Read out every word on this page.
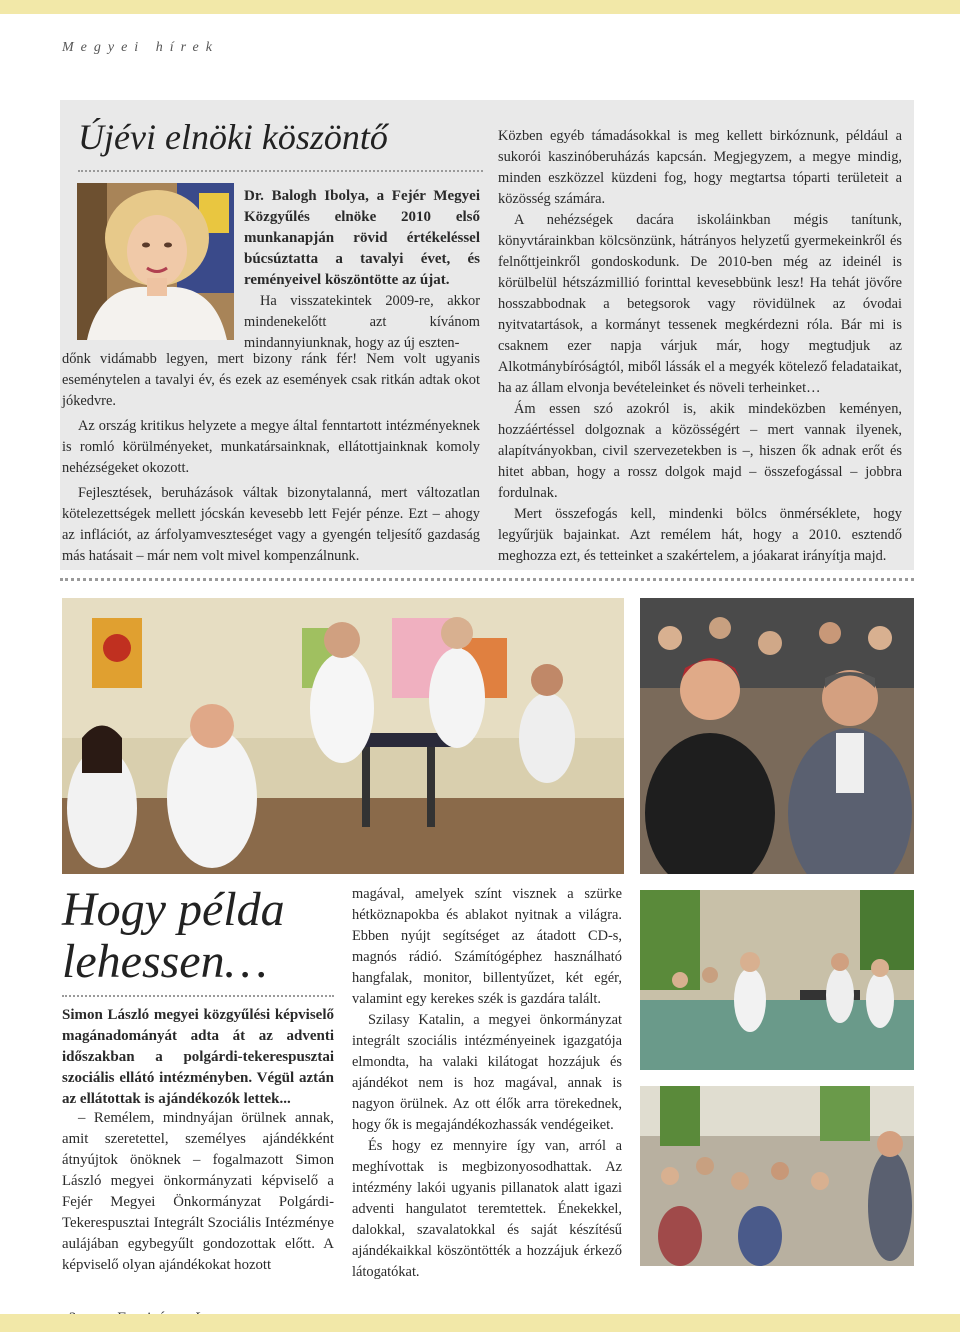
Megyei hírek
Újévi elnöki köszöntő
Dr. Balogh Ibolya, a Fejér Megyei Közgyűlés elnöke 2010 első munkanapján rövid értékeléssel búcsúztatta a tavalyi évet, és reményeivel köszöntötte az újat.

Ha visszatekintek 2009-re, akkor mindenekelőtt azt kívánom mindannyiunknak, hogy az új eszten-

dőnk vidámabb legyen, mert bizony ránk fér! Nem volt ugyanis eseménytelen a tavalyi év, és ezek az események csak ritkán adtak okot jókedvre.

Az ország kritikus helyzete a megye által fenntartott intézményeknek is romló körülményeket, munkatársainknak, ellátottjainknak komoly nehézségeket okozott.

Fejlesztések, beruházások váltak bizonytalanná, mert változatlan kötelezettségek mellett jócskán kevesebb lett Fejér pénze. Ezt – ahogy az inflációt, az árfolyamveszteséget vagy a gyengén teljesítő gazdaság más hatásait – már nem volt mivel kompenzálnunk.

Közben egyéb támadásokkal is meg kellett birkóznunk, például a sukorói kaszinóberuházás kapcsán. Megjegyzem, a megye mindig, minden eszközzel küzdeni fog, hogy megtartsa tóparti területeit a közösség számára.

A nehézségek dacára iskoláinkban mégis tanítunk, könyvtárainkban kölcsönzünk, hátrányos helyzetű gyermekeinkről és felnőttjeinkről gondoskodunk. De 2010-ben még az ideinél is körülbelül hétszázmillió forinttal kevesebbünk lesz! Ha tehát jövőre hosszabbodnak a betegsorok vagy rövidülnek az óvodai nyitvatartások, a kormányt tessenek megkérdezni róla. Bár mi is csaknem ezer napja várjuk már, hogy megtudjuk az Alkotmánybíróságtól, miből lássák el a megyék kötelező feladataikat, ha az állam elvonja bevételeinket és növeli terheinket…

Ám essen szó azokról is, akik mindeközben keményen, hozzáértéssel dolgoznak a közösségért – mert vannak ilyenek, alapítványokban, civil szervezetekben is –, hiszen ők adnak erőt és hitet abban, hogy a rossz dolgok majd – összefogással – jobbra fordulnak.

Mert összefogás kell, mindenki bölcs önmérséklete, hogy legyűrjük bajainkat. Azt remélem hát, hogy a 2010. esztendő meghozza ezt, és tetteinket a szakértelem, a jóakarat irányítja majd.

Hogy példa
lehessen…
Simon László megyei közgyűlési képviselő magánadományát adta át az adventi időszakban a polgárdi-tekerespusztai szociális ellátó intézményben. Végül aztán az ellátottak is ajándékozók lettek...

– Remélem, mindnyájan örülnek annak, amit szeretettel, személyes ajándékként átnyújtok önöknek – fogalmazott Simon László megyei önkormányzati képviselő a Fejér Megyei Önkormányzat Polgárdi-Tekerespusztai Integrált Szociális Intézménye aulájában egybegyűlt gondozottak előtt. A képviselő olyan ajándékokat hozott

magával, amelyek színt visznek a szürke hétköznapokba és ablakot nyitnak a világra. Ebben nyújt segítséget az átadott CD-s, magnós rádió. Számítógéphez használható hangfalak, monitor, billentyűzet, két egér, valamint egy kerekes szék is gazdára talált.

Szilasy Katalin, a megyei önkormányzat integrált szociális intézményeinek igazgatója elmondta, ha valaki kilátogat hozzájuk és ajándékot nem is hoz magával, annak is nagyon örülnek. Az ott élők arra törekednek, hogy ők is megajándékozhassák vendégeiket.

És hogy ez mennyire így van, arról a meghívottak is megbizonyosodhattak. Az intézmény lakói ugyanis pillanatok alatt igazi adventi hangulatot teremtettek. Énekekkel, dalokkal, szavalatokkal és saját készítésű ajándékaikkal köszöntötték a hozzájuk érkező látogatókat.
